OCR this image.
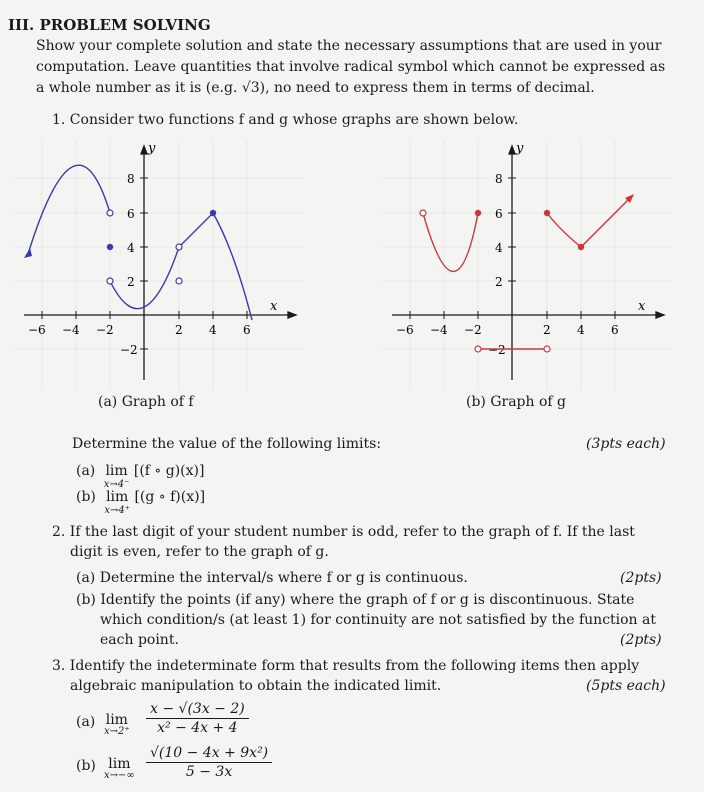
III. PROBLEM SOLVING
Show your complete solution and state the necessary assumptions that are used in your
computation. Leave quantities that involve radical symbol which cannot be expressed as
a whole number as it is (e.g. √3), no need to express them in terms of decimal.
1. Consider two functions f and g whose graphs are shown below.
y
x
8
6
4
2
−2
−6 −4 −2	2 4 6
(a) Graph of f
y
x
8
6
4
2
−2
−6 −4 −2	2 4 6
(b) Graph of g
Determine the value of the following limits:	(3pts each)
(a) lim
$^{x\to 4^-}$ [(f ∘ g)(x)]
(b) lim
$^{x\to 4^+}$ [(g ∘ f)(x)]
2. If the last digit of your student number is odd, refer to the graph of f. If the last
digit is even, refer to the graph of g.
(a) Determine the interval/s where f or g is continuous.	(2pts)
(b) Identify the points (if any) where the graph of f or g is discontinuous. State
which condition/s (at least 1) for continuity are not satisfied by the function at
each point.	(2pts)
3. Identify the indeterminate form that results from the following items then apply
algebraic manipulation to obtain the indicated limit.	(5pts each)
(a) lim
$x\to 2^+ \frac{x - √(3x - 2)}{\text{x² − 4x + 4}}$
(b) lim
$x\to-\infty \frac{\text{√(10 − 4x + 9x²)}}{5 - 3x}$
